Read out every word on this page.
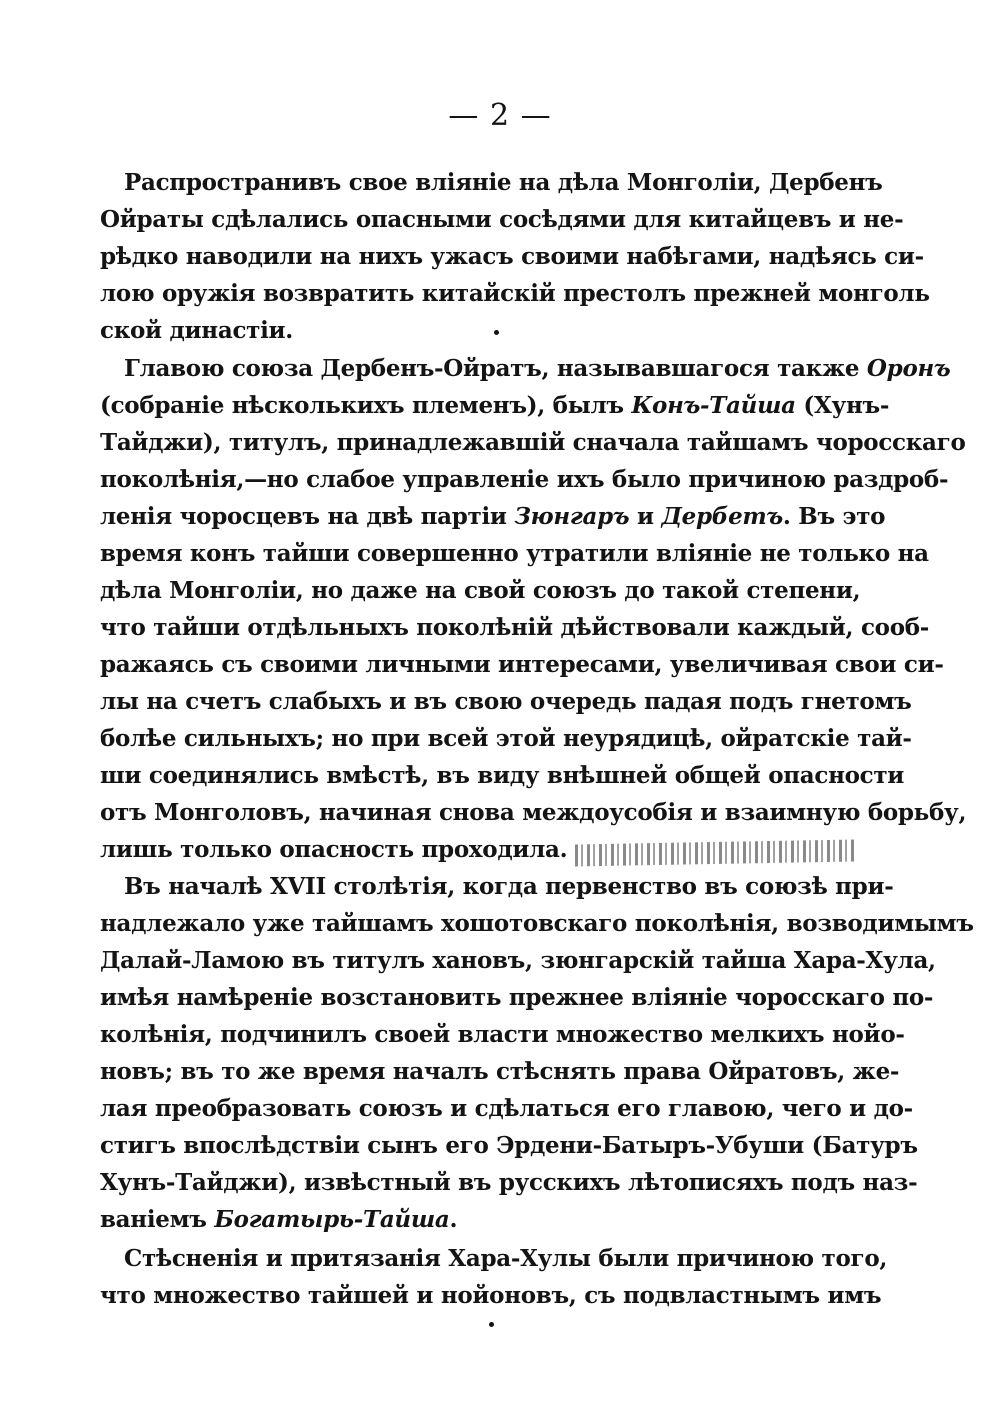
— 2 —
Распространивъ свое вліяніе на дѣла Монголіи, Дербенъ
Ойраты сдѣлались опасными сосѣдями для китайцевъ и не-
рѣдко наводили на нихъ ужасъ своими набѣгами, надѣясь си-
лою оружія возвратить китайскій престолъ прежней монголь
ской династіи.
Главою союза Дербенъ-Ойратъ, называвшагося также Оронъ
(собраніе нѣсколькихъ племенъ), былъ Конъ-Тайша (Хунъ-
Тайджи), титулъ, принадлежавшій сначала тайшамъ чоросскаго
поколѣнія,—но слабое управленіе ихъ было причиною раздроб-
ленія чоросцевъ на двѣ партіи Зюнгаръ и Дербетъ. Въ это
время конъ тайши совершенно утратили вліяніе не только на
дѣла Монголіи, но даже на свой союзъ до такой степени,
что тайши отдѣльныхъ поколѣній дѣйствовали каждый, сооб-
ражаясь съ своими личными интересами, увеличивая свои си-
лы на счетъ слабыхъ и въ свою очередь падая подъ гнетомъ
болѣе сильныхъ; но при всей этой неурядицѣ, ойратскіе тай-
ши соединялись вмѣстѣ, въ виду внѣшней общей опасности
отъ Монголовъ, начиная снова междоусобія и взаимную борьбу,
лишь только опасность проходила.
Въ началѣ XVII столѣтія, когда первенство въ союзѣ при-
надлежало уже тайшамъ хошотовскаго поколѣнія, возводимымъ
Далай-Ламою въ титулъ хановъ, зюнгарскій тайша Хара-Хула,
имѣя намѣреніе возстановить прежнее вліяніе чоросскаго по-
колѣнія, подчинилъ своей власти множество мелкихъ нойо-
новъ; въ то же время началъ стѣснять права Ойратовъ, же-
лая преобразовать союзъ и сдѣлаться его главою, чего и до-
стигъ впослѣдствіи сынъ его Эрдени-Батыръ-Убуши (Батуръ
Хунъ-Тайджи), извѣстный въ русскихъ лѣтописяхъ подъ наз-
ваніемъ Богатырь-Тайша.
Стѣсненія и притязанія Хара-Хулы были причиною того,
что множество тайшей и нойоновъ, съ подвластнымъ имъ
